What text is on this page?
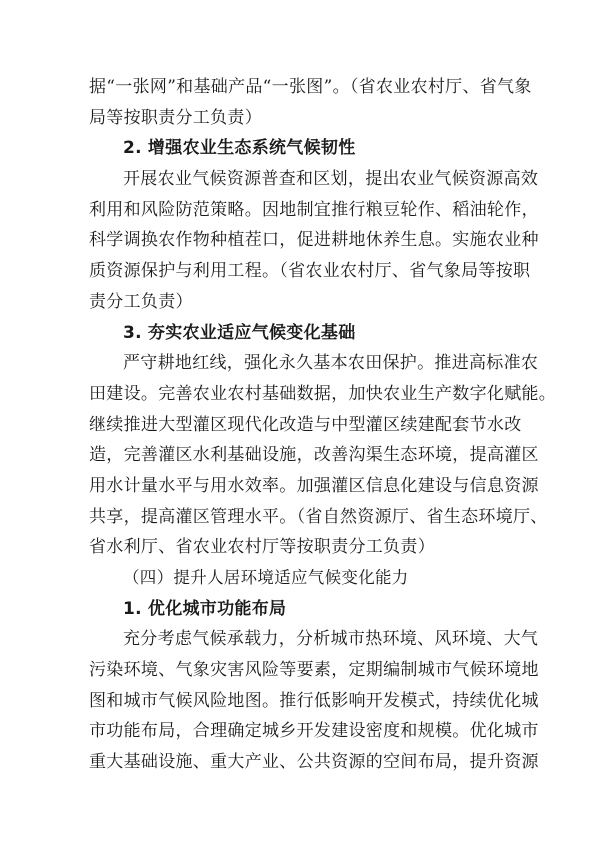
据“一张网”和基础产品“一张图”。（省农业农村厅、省气象
局等按职责分工负责）
2. 增强农业生态系统气候韧性
开展农业气候资源普查和区划，提出农业气候资源高效
利用和风险防范策略。因地制宜推行粮豆轮作、稻油轮作，
科学调换农作物种植茬口，促进耕地休养生息。实施农业种
质资源保护与利用工程。（省农业农村厅、省气象局等按职
责分工负责）
3. 夯实农业适应气候变化基础
严守耕地红线，强化永久基本农田保护。推进高标准农
田建设。完善农业农村基础数据，加快农业生产数字化赋能。
继续推进大型灌区现代化改造与中型灌区续建配套节水改
造，完善灌区水利基础设施，改善沟渠生态环境，提高灌区
用水计量水平与用水效率。加强灌区信息化建设与信息资源
共享，提高灌区管理水平。（省自然资源厅、省生态环境厅、
省水利厅、省农业农村厅等按职责分工负责）
（四）提升人居环境适应气候变化能力
1. 优化城市功能布局
充分考虑气候承载力，分析城市热环境、风环境、大气
污染环境、气象灾害风险等要素，定期编制城市气候环境地
图和城市气候风险地图。推行低影响开发模式，持续优化城
市功能布局，合理确定城乡开发建设密度和规模。优化城市
重大基础设施、重大产业、公共资源的空间布局，提升资源
